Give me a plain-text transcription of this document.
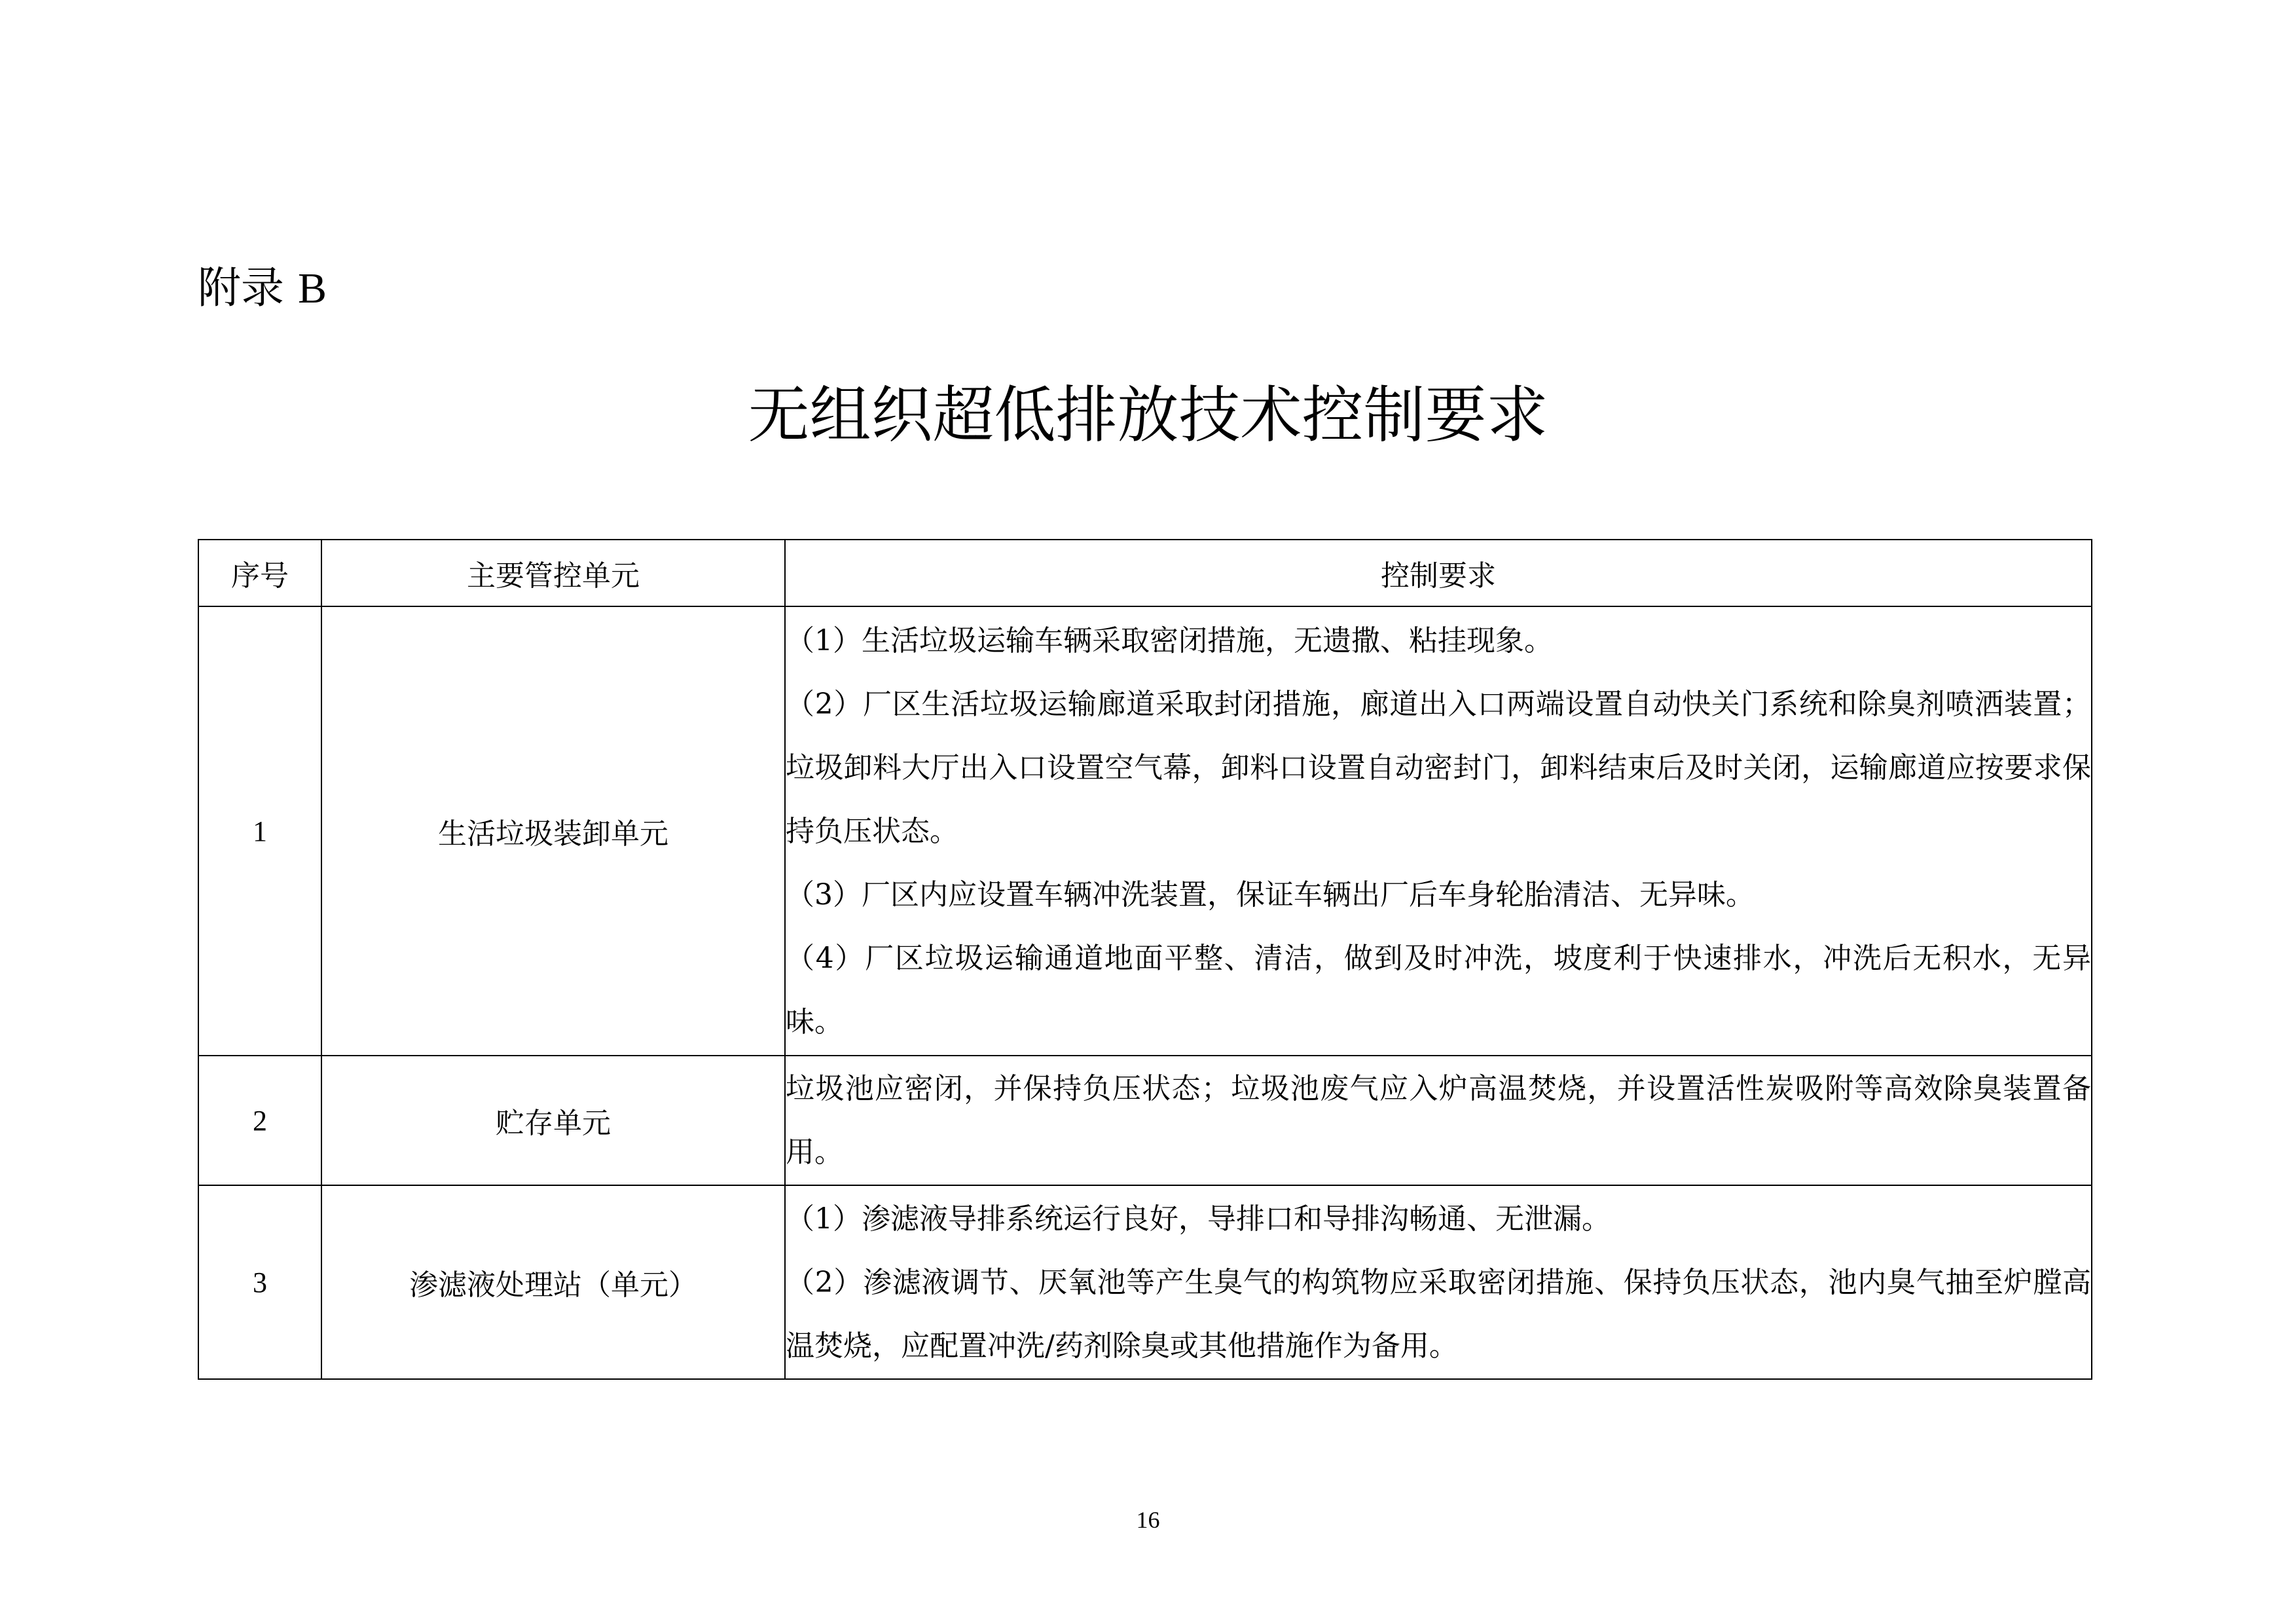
附录 B
无组织超低排放技术控制要求
序号	主要管控单元	控制要求
1	生活垃圾装卸单元	（1）生活垃圾运输车辆采取密闭措施，无遗撒、粘挂现象。

（2）厂区生活垃圾运输廊道采取封闭措施，廊道出入口两端设置自动快关门系统和除臭剂喷洒装置；垃圾卸料大厅出入口设置空气幕，卸料口设置自动密封门，卸料结束后及时关闭，运输廊道应按要求保持负压状态。

（3）厂区内应设置车辆冲洗装置，保证车辆出厂后车身轮胎清洁、无异味。

（4）厂区垃圾运输通道地面平整、清洁，做到及时冲洗，坡度利于快速排水，冲洗后无积水，无异味。

2	贮存单元	垃圾池应密闭，并保持负压状态；垃圾池废气应入炉高温焚烧，并设置活性炭吸附等高效除臭装置备用。

3	渗滤液处理站（单元）	（1）渗滤液导排系统运行良好，导排口和导排沟畅通、无泄漏。

（2）渗滤液调节、厌氧池等产生臭气的构筑物应采取密闭措施、保持负压状态，池内臭气抽至炉膛高温焚烧，应配置冲洗/药剂除臭或其他措施作为备用。

16
